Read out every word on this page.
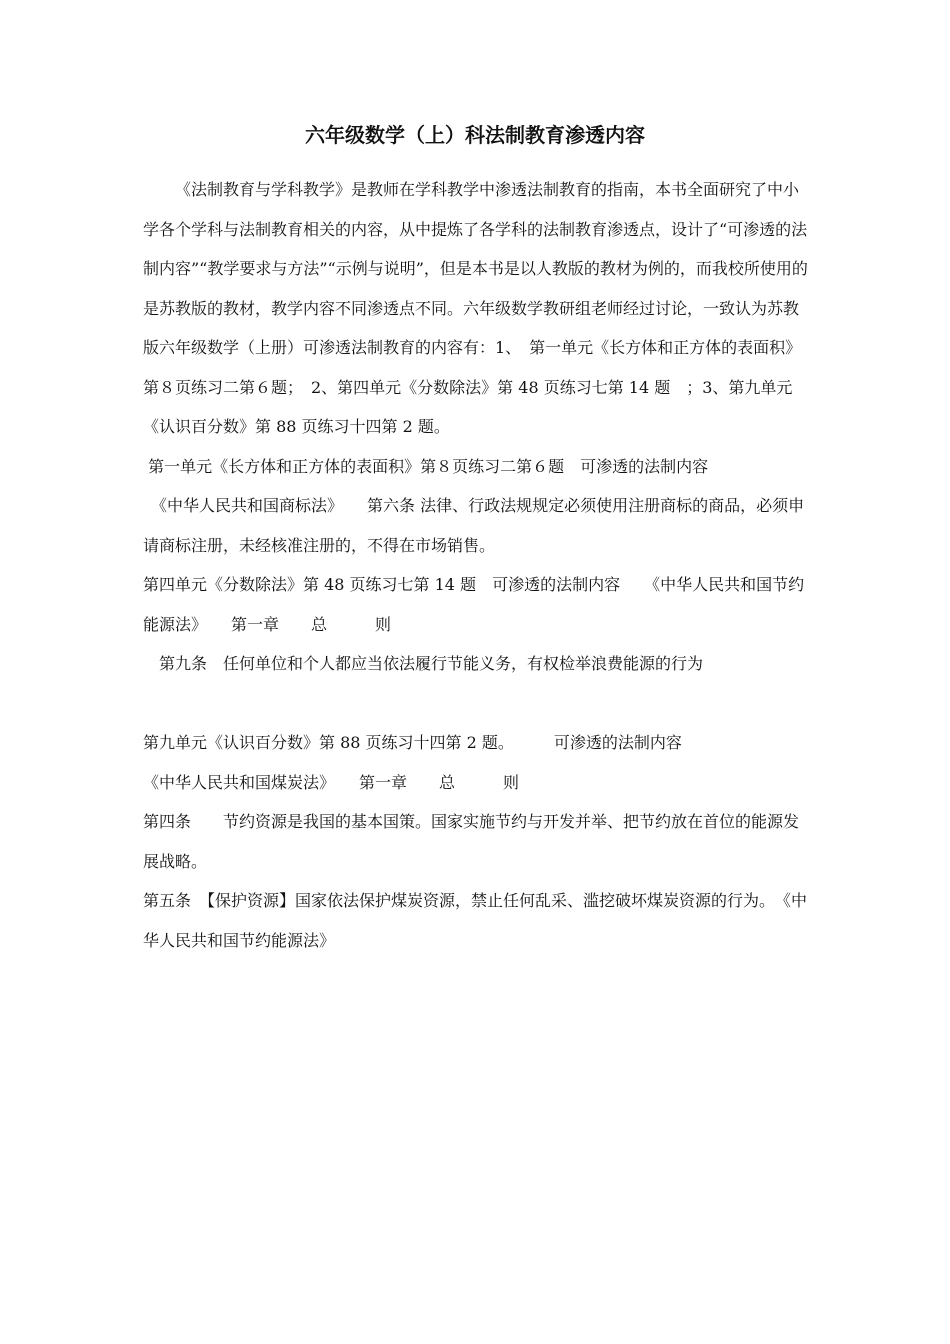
六年级数学（上）科法制教育渗透内容

《法制教育与学科教学》是教师在学科教学中渗透法制教育的指南，本书全面研究了中小学各个学科与法制教育相关的内容，从中提炼了各学科的法制教育渗透点，设计了“可渗透的法制内容”“教学要求与方法”“示例与说明”，但是本书是以人教版的教材为例的，而我校所使用的是苏教版的教材，教学内容不同渗透点不同。六年级数学教研组老师经过讨论，一致认为苏教版六年级数学（上册）可渗透法制教育的内容有：1、　第一单元《长方体和正方体的表面积》第８页练习二第６题；　2、第四单元《分数除法》第 48 页练习七第 14 题　；3、第九单元《认识百分数》第 88 页练习十四第 2 题。

第一单元《长方体和正方体的表面积》第８页练习二第６题　可渗透的法制内容

　《中华人民共和国商标法》　　第六条 法律、行政法规规定必须使用注册商标的商品，必须申请商标注册，未经核准注册的，不得在市场销售。

第四单元《分数除法》第 48 页练习七第 14 题　可渗透的法制内容　　《中华人民共和国节约能源法》　　第一章　　总　　　则

　第九条　任何单位和个人都应当依法履行节能义务，有权检举浪费能源的行为

第九单元《认识百分数》第 88 页练习十四第 2 题。　　　可渗透的法制内容

《中华人民共和国煤炭法》　　第一章　　总　　　则

第四条　　节约资源是我国的基本国策。国家实施节约与开发并举、把节约放在首位的能源发展战略。

第五条　【保护资源】国家依法保护煤炭资源，禁止任何乱采、滥挖破坏煤炭资源的行为。　《中华人民共和国节约能源法》
